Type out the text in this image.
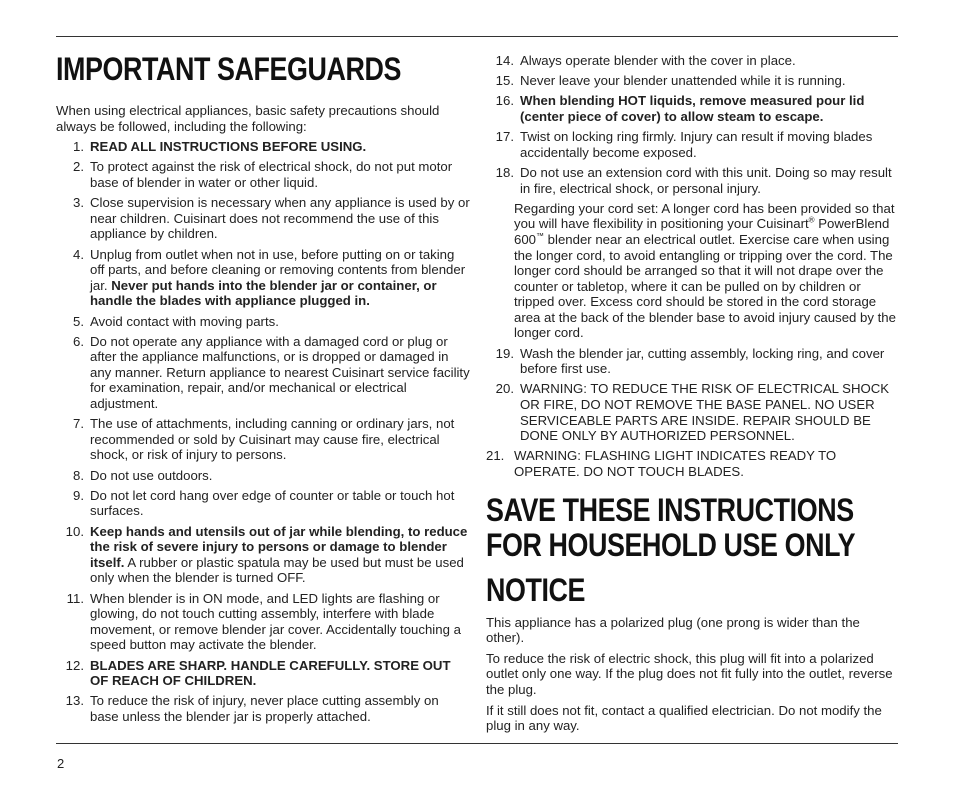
IMPORTANT SAFEGUARDS

When using electrical appliances, basic safety precautions should always be followed, including the following:

1. READ ALL INSTRUCTIONS BEFORE USING.
2. To protect against the risk of electrical shock, do not put motor base of blender in water or other liquid.
3. Close supervision is necessary when any appliance is used by or near children. Cuisinart does not recommend the use of this appliance by children.
4. Unplug from outlet when not in use, before putting on or taking off parts, and before cleaning or removing contents from blender jar. Never put hands into the blender jar or container, or handle the blades with appliance plugged in.
5. Avoid contact with moving parts.
6. Do not operate any appliance with a damaged cord or plug or after the appliance malfunctions, or is dropped or damaged in any manner. Return appliance to nearest Cuisinart service facility for examination, repair, and/or mechanical or electrical adjustment.
7. The use of attachments, including canning or ordinary jars, not recommended or sold by Cuisinart may cause fire, electrical shock, or risk of injury to persons.
8. Do not use outdoors.
9. Do not let cord hang over edge of counter or table or touch hot surfaces.
10. Keep hands and utensils out of jar while blending, to reduce the risk of severe injury to persons or damage to blender itself. A rubber or plastic spatula may be used but must be used only when the blender is turned OFF.
11. When blender is in ON mode, and LED lights are flashing or glowing, do not touch cutting assembly, interfere with blade movement, or remove blender jar cover. Accidentally touching a speed button may activate the blender.
12. BLADES ARE SHARP. HANDLE CAREFULLY. STORE OUT OF REACH OF CHILDREN.
13. To reduce the risk of injury, never place cutting assembly on base unless the blender jar is properly attached.
14. Always operate blender with the cover in place.
15. Never leave your blender unattended while it is running.
16. When blending HOT liquids, remove measured pour lid (center piece of cover) to allow steam to escape.
17. Twist on locking ring firmly. Injury can result if moving blades accidentally become exposed.
18. Do not use an extension cord with this unit. Doing so may result in fire, electrical shock, or personal injury.

Regarding your cord set: A longer cord has been provided so that you will have flexibility in positioning your Cuisinart® PowerBlend 600™ blender near an electrical outlet. Exercise care when using the longer cord, to avoid entangling or tripping over the cord. The longer cord should be arranged so that it will not drape over the counter or tabletop, where it can be pulled on by children or tripped over. Excess cord should be stored in the cord storage area at the back of the blender base to avoid injury caused by the longer cord.

19. Wash the blender jar, cutting assembly, locking ring, and cover before first use.
20. WARNING: TO REDUCE THE RISK OF ELECTRICAL SHOCK OR FIRE, DO NOT REMOVE THE BASE PANEL. NO USER SERVICEABLE PARTS ARE INSIDE. REPAIR SHOULD BE DONE ONLY BY AUTHORIZED PERSONNEL.
21. WARNING: FLASHING LIGHT INDICATES READY TO OPERATE. DO NOT TOUCH BLADES.
SAVE THESE INSTRUCTIONS
FOR HOUSEHOLD USE ONLY
NOTICE

This appliance has a polarized plug (one prong is wider than the other).

To reduce the risk of electric shock, this plug will fit into a polarized outlet only one way. If the plug does not fit fully into the outlet, reverse the plug.

If it still does not fit, contact a qualified electrician. Do not modify the plug in any way.

2
